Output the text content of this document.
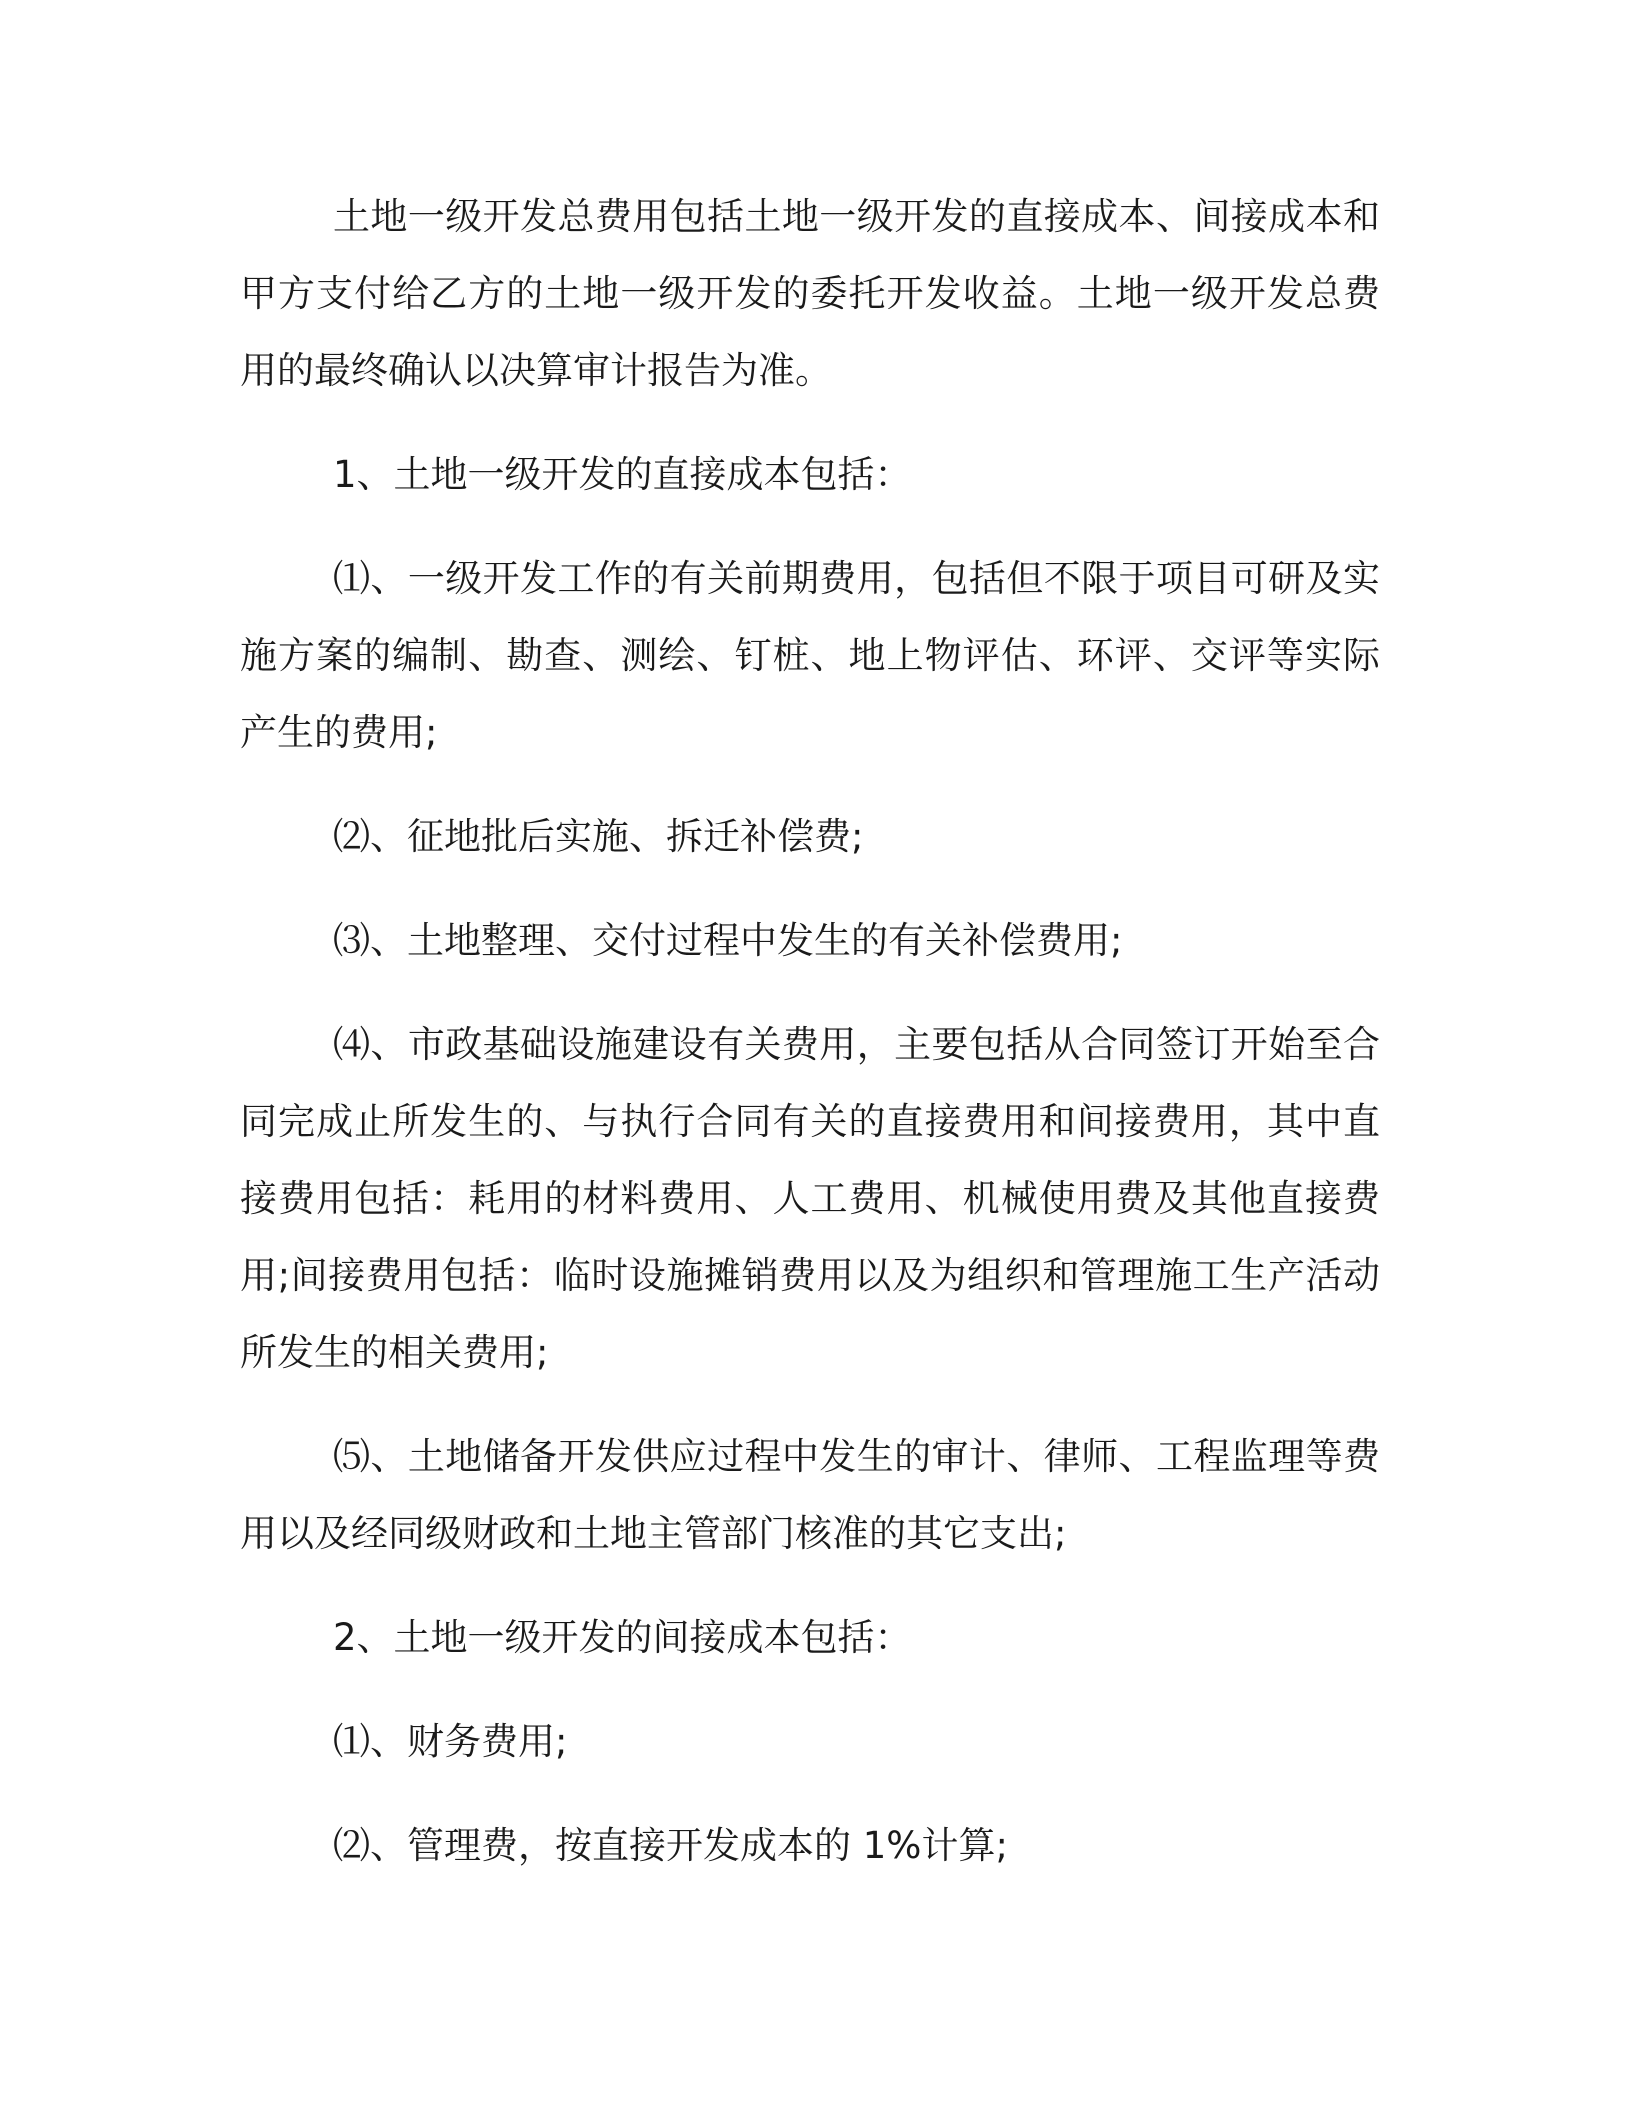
土地一级开发总费用包括土地一级开发的直接成本、间接成本和甲方支付给乙方的土地一级开发的委托开发收益。土地一级开发总费用的最终确认以决算审计报告为准。

1、土地一级开发的直接成本包括：

⑴、一级开发工作的有关前期费用，包括但不限于项目可研及实施方案的编制、勘查、测绘、钉桩、地上物评估、环评、交评等实际产生的费用;

⑵、征地批后实施、拆迁补偿费;

⑶、土地整理、交付过程中发生的有关补偿费用;

⑷、市政基础设施建设有关费用，主要包括从合同签订开始至合同完成止所发生的、与执行合同有关的直接费用和间接费用，其中直接费用包括：耗用的材料费用、人工费用、机械使用费及其他直接费用;间接费用包括：临时设施摊销费用以及为组织和管理施工生产活动所发生的相关费用;

⑸、土地储备开发供应过程中发生的审计、律师、工程监理等费用以及经同级财政和土地主管部门核准的其它支出;

2、土地一级开发的间接成本包括：

⑴、财务费用;

⑵、管理费，按直接开发成本的 1%计算;
